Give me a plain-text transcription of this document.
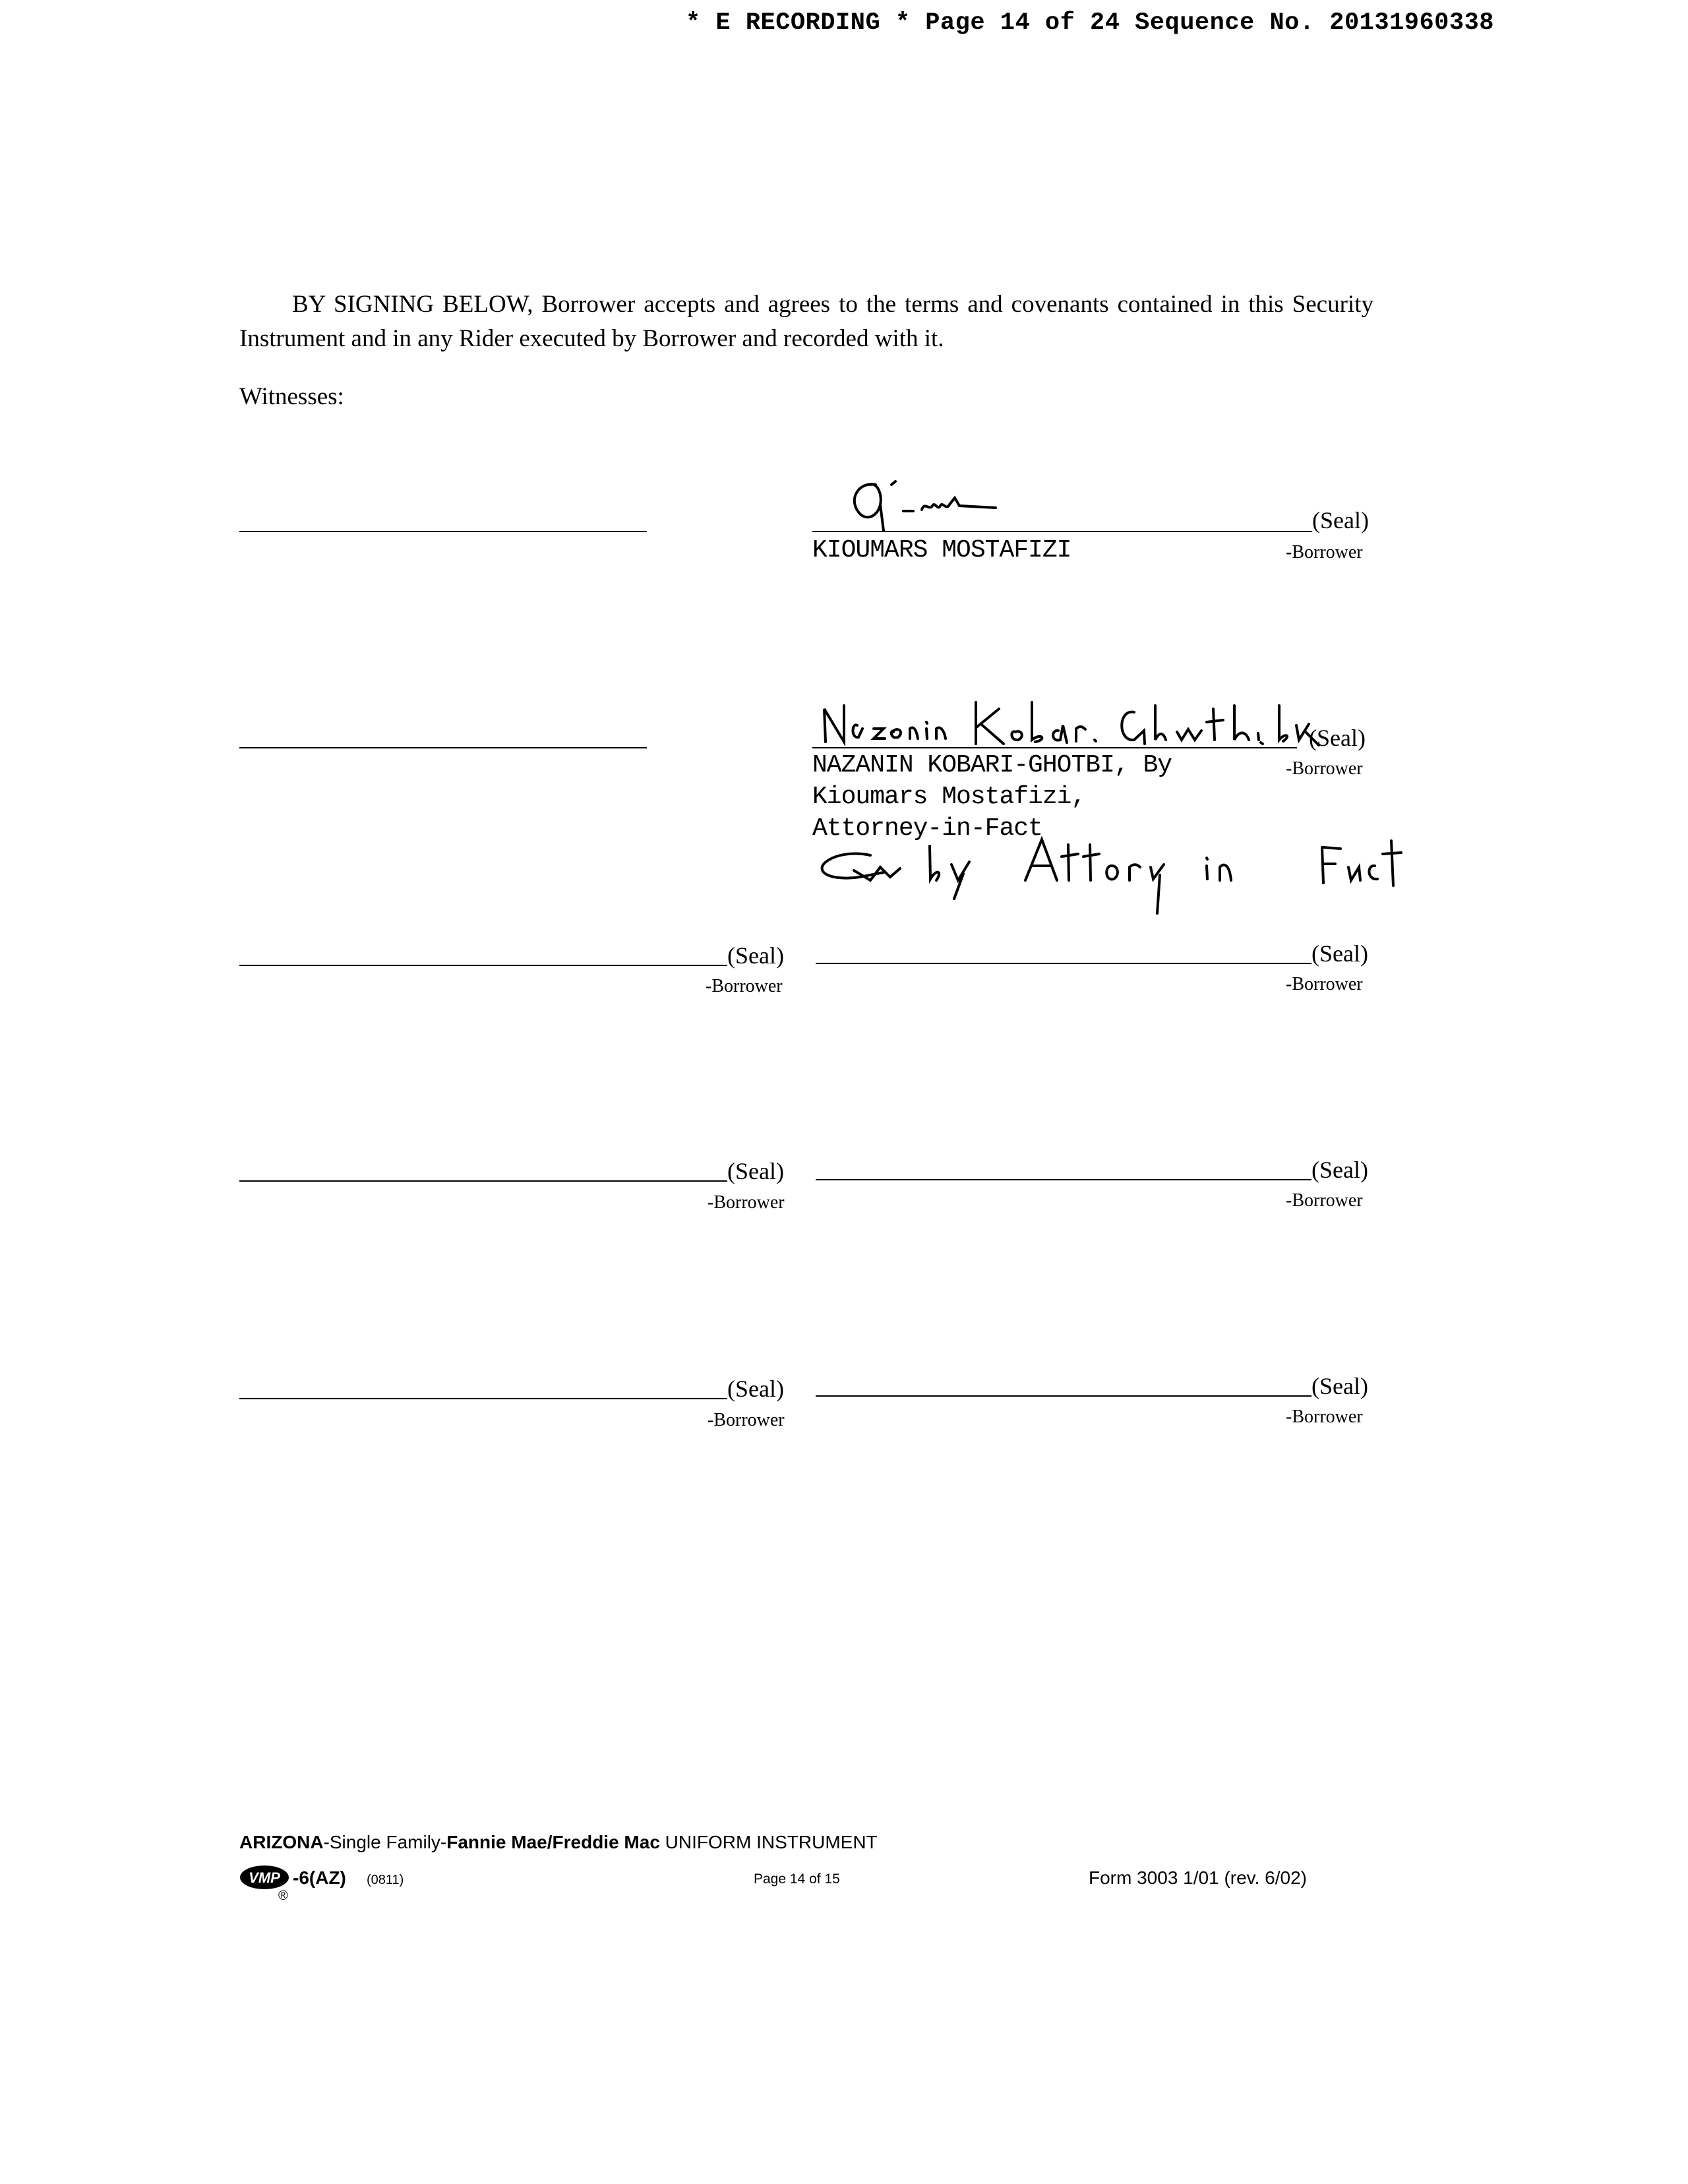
* E RECORDING * Page 14 of 24 Sequence No. 20131960338

BY SIGNING BELOW, Borrower accepts and agrees to the terms and covenants contained in this Security Instrument and in any Rider executed by Borrower and recorded with it.

Witnesses:
(Seal)
KIOUMARS MOSTAFIZI	-Borrower
(Seal)
NAZANIN KOBARI-GHOTBI, By	-Borrower
Kioumars Mostafizi,
Attorney-in-Fact
(Seal)
-Borrower
(Seal)
-Borrower
(Seal)
-Borrower
(Seal)
-Borrower
(Seal)
-Borrower
(Seal)
-Borrower
ARIZONA-Single Family-Fannie Mae/Freddie Mac UNIFORM INSTRUMENT
VMP
®
-6(AZ) (0811)	Page 14 of 15	Form 3003 1/01 (rev. 6/02)
